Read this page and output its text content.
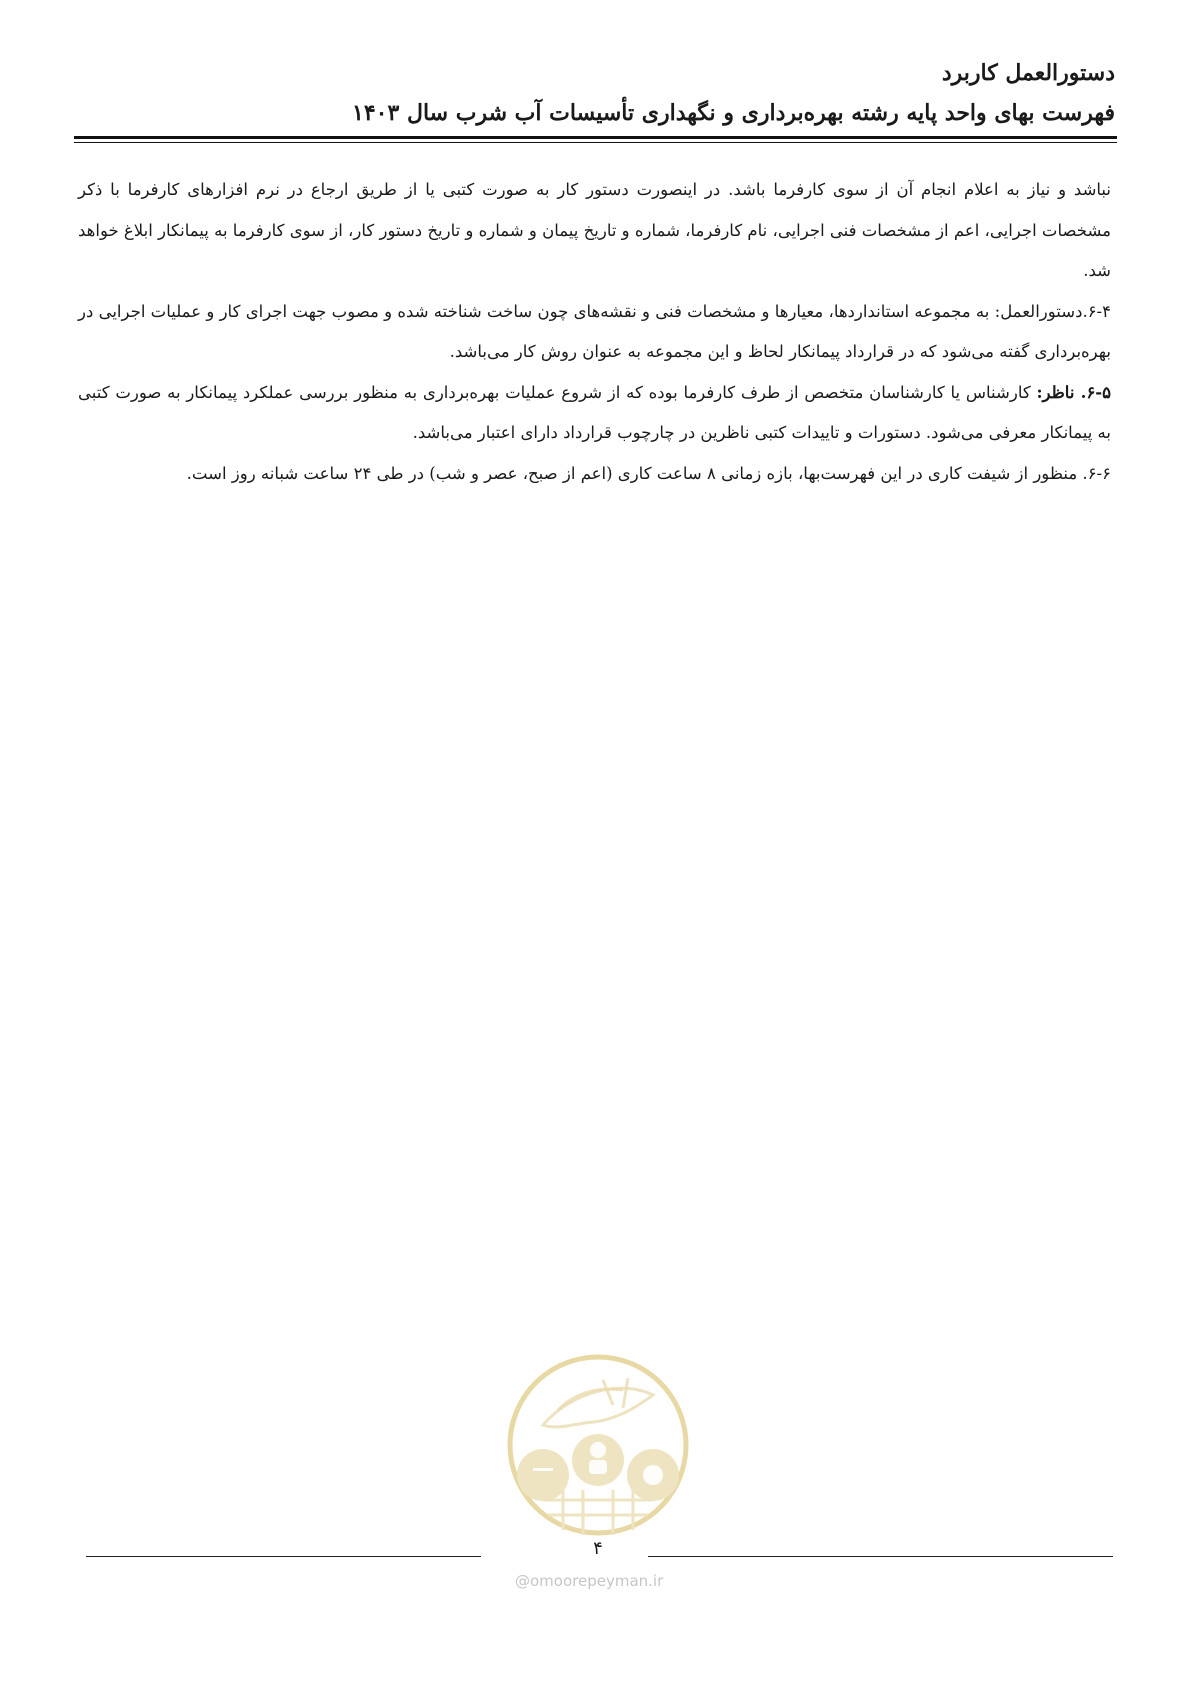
دستورالعمل کاربرد
فهرست بهای واحد پایه رشته بهره‌برداری و نگهداری تأسیسات آب شرب سال ۱۴۰۳

نباشد و نیاز به اعلام انجام آن از سوی کارفرما باشد. در اینصورت دستور کار به صورت کتبی یا از طریق ارجاع در نرم افزارهای کارفرما با ذکر مشخصات اجرایی، اعم از مشخصات فنی اجرایی، نام کارفرما، شماره و تاریخ پیمان و شماره و تاریخ دستور کار، از سوی کارفرما به پیمانکار ابلاغ خواهد شد.

۶-۴.دستورالعمل: به مجموعه استانداردها، معیارها و مشخصات فنی و نقشه‌های چون ساخت شناخته شده و مصوب جهت اجرای کار و عملیات اجرایی در بهره‌برداری گفته می‌شود که در قرارداد پیمانکار لحاظ و این مجموعه به عنوان روش کار می‌باشد.

۶-۵. ناظر: کارشناس یا کارشناسان متخصص از طرف کارفرما بوده که از شروع عملیات بهره‌برداری به منظور بررسی عملکرد پیمانکار به صورت کتبی به پیمانکار معرفی می‌شود. دستورات و تاییدات کتبی ناظرین در چارچوب قرارداد دارای اعتبار می‌باشد.

۶-۶. منظور از شیفت کاری در این فهرست‌بها، بازه زمانی ۸ ساعت کاری (اعم از صبح، عصر و شب) در طی ۲۴ ساعت شبانه روز است.

۴
@omoorepeyman.ir
